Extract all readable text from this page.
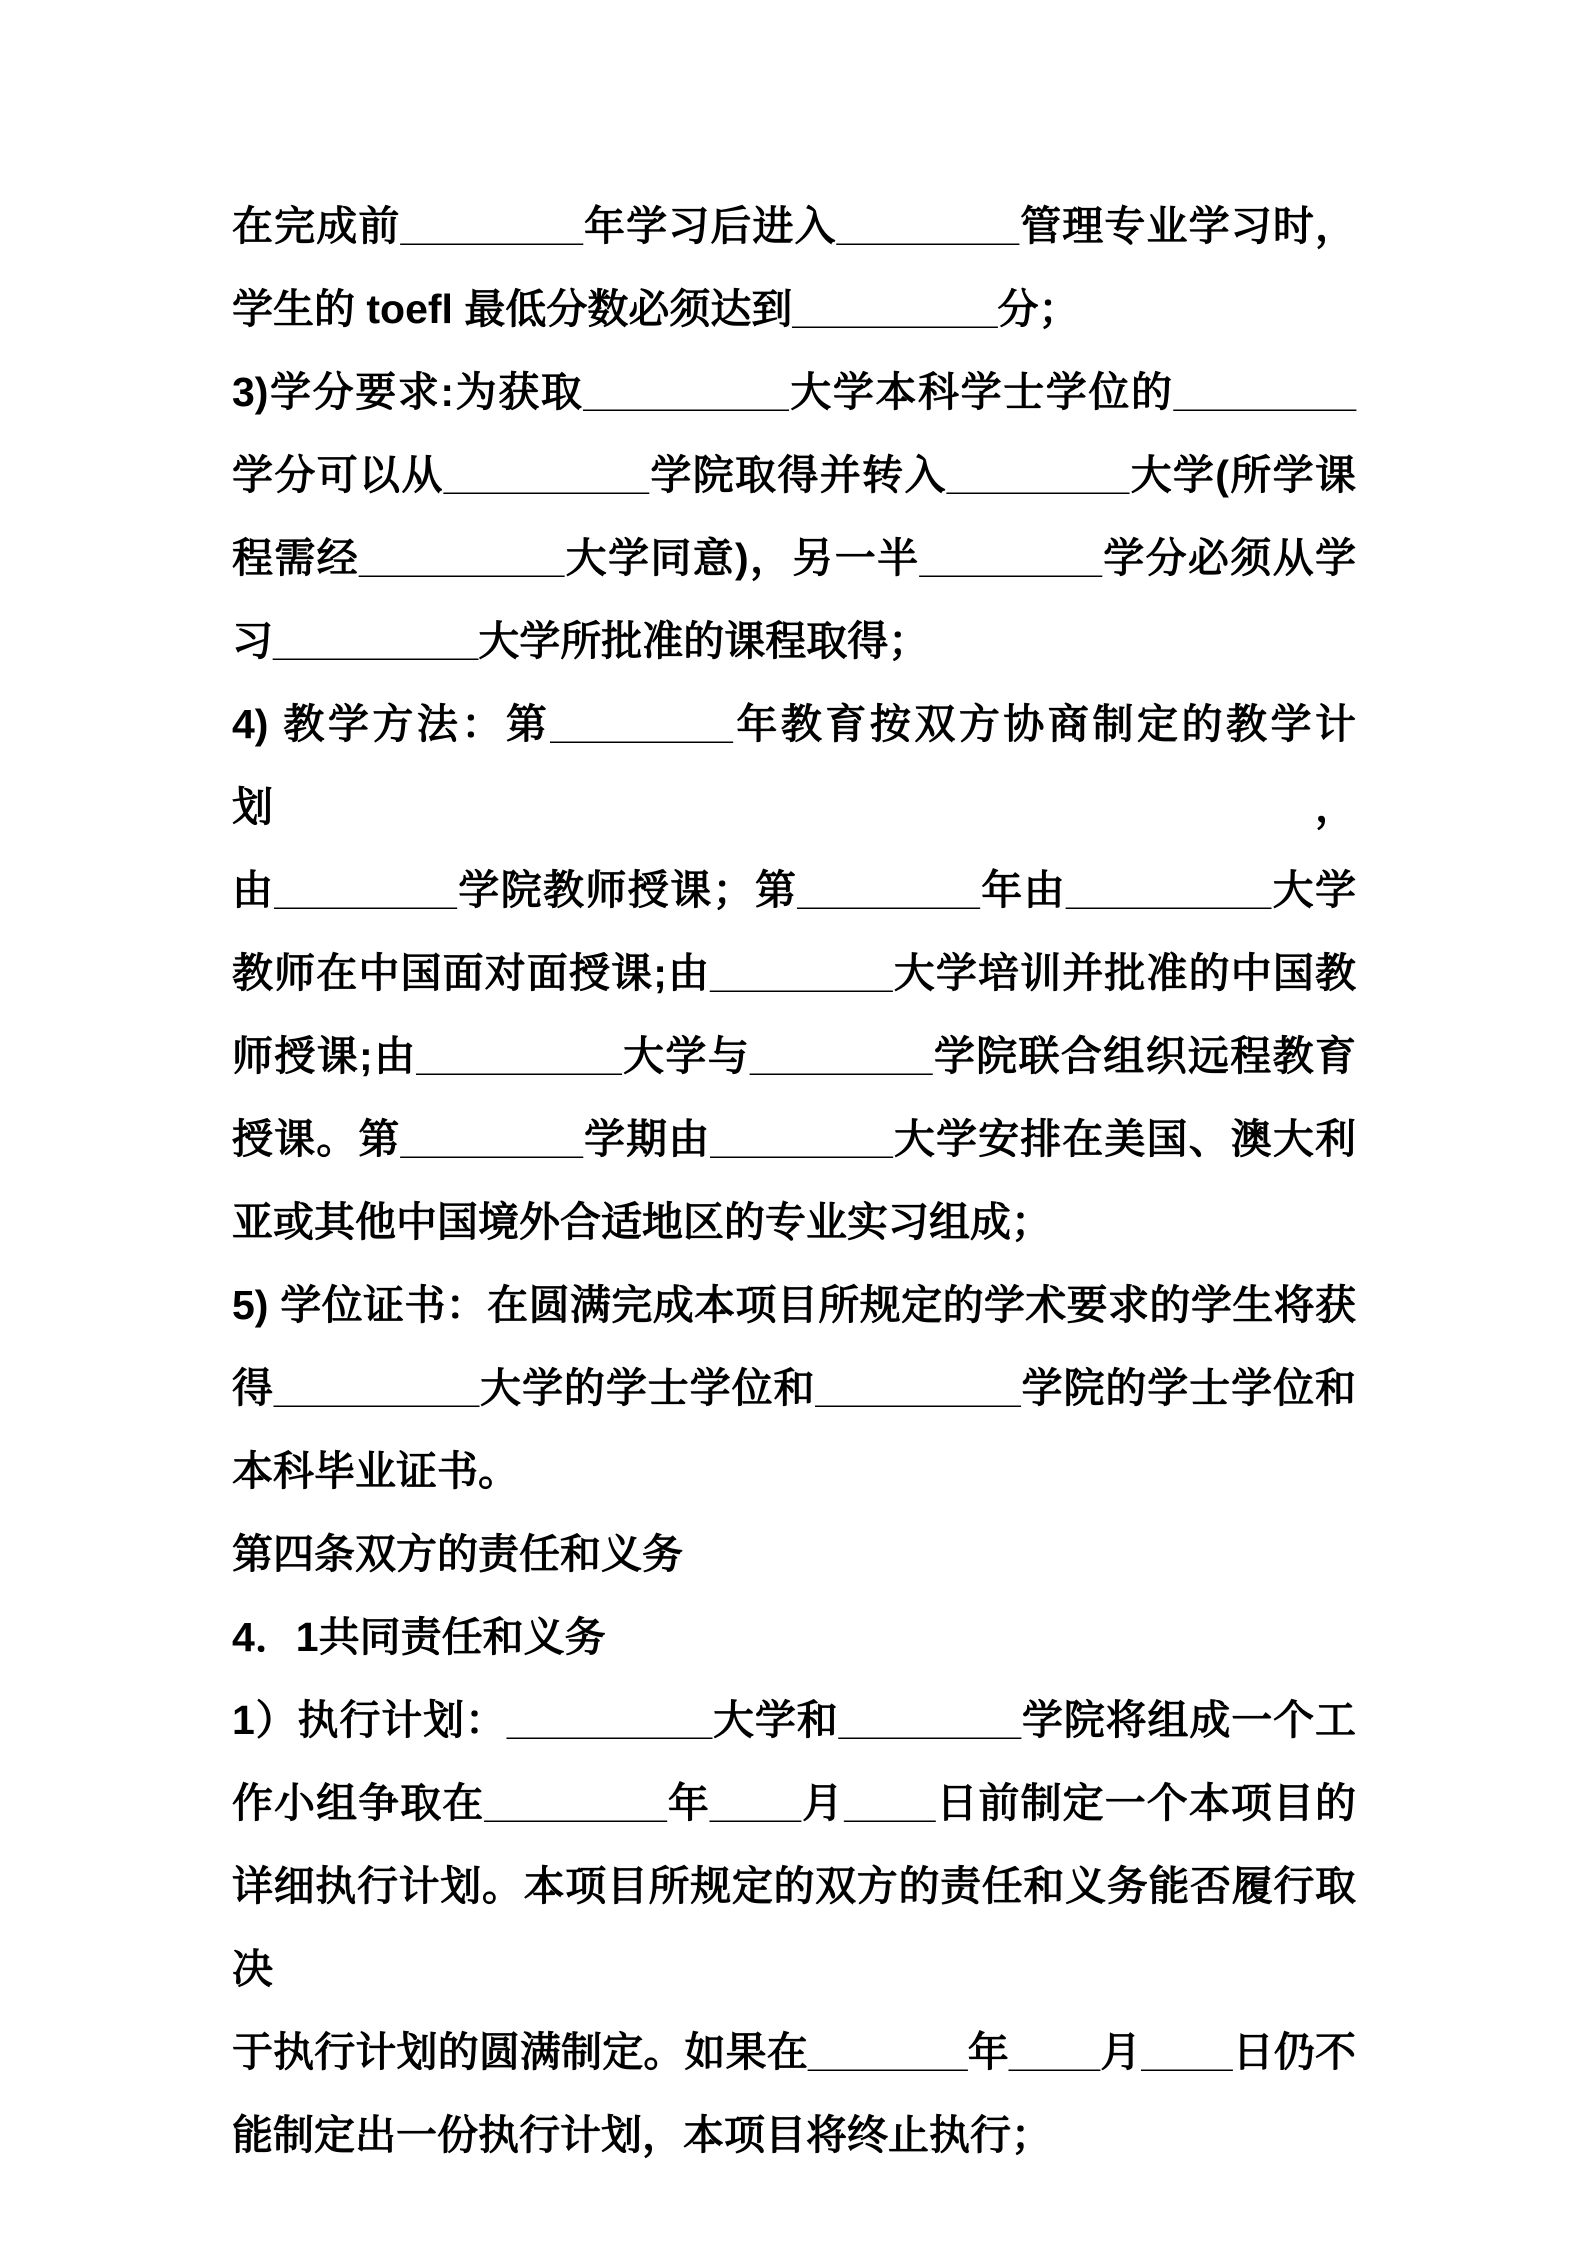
在完成前________年学习后进入________管理专业学习时，
学生的 toefl 最低分数必须达到_________分；
3)学分要求:为获取_________大学本科学士学位的________
学分可以从_________学院取得并转入________大学(所学课
程需经_________大学同意)，另一半________学分必须从学
习_________大学所批准的课程取得；
4) 教学方法：第________年教育按双方协商制定的教学计划，
由________学院教师授课；第________年由_________大学
教师在中国面对面授课;由________大学培训并批准的中国教
师授课;由_________大学与________学院联合组织远程教育
授课。第________学期由________大学安排在美国、澳大利
亚或其他中国境外合适地区的专业实习组成；
5) 学位证书：在圆满完成本项目所规定的学术要求的学生将获
得_________大学的学士学位和_________学院的学士学位和
本科毕业证书。
第四条双方的责任和义务
4．1共同责任和义务
1）执行计划：_________大学和________学院将组成一个工
作小组争取在________年____月____日前制定一个本项目的
详细执行计划。本项目所规定的双方的责任和义务能否履行取决
于执行计划的圆满制定。如果在_______年____月____日仍不
能制定出一份执行计划，本项目将终止执行；
